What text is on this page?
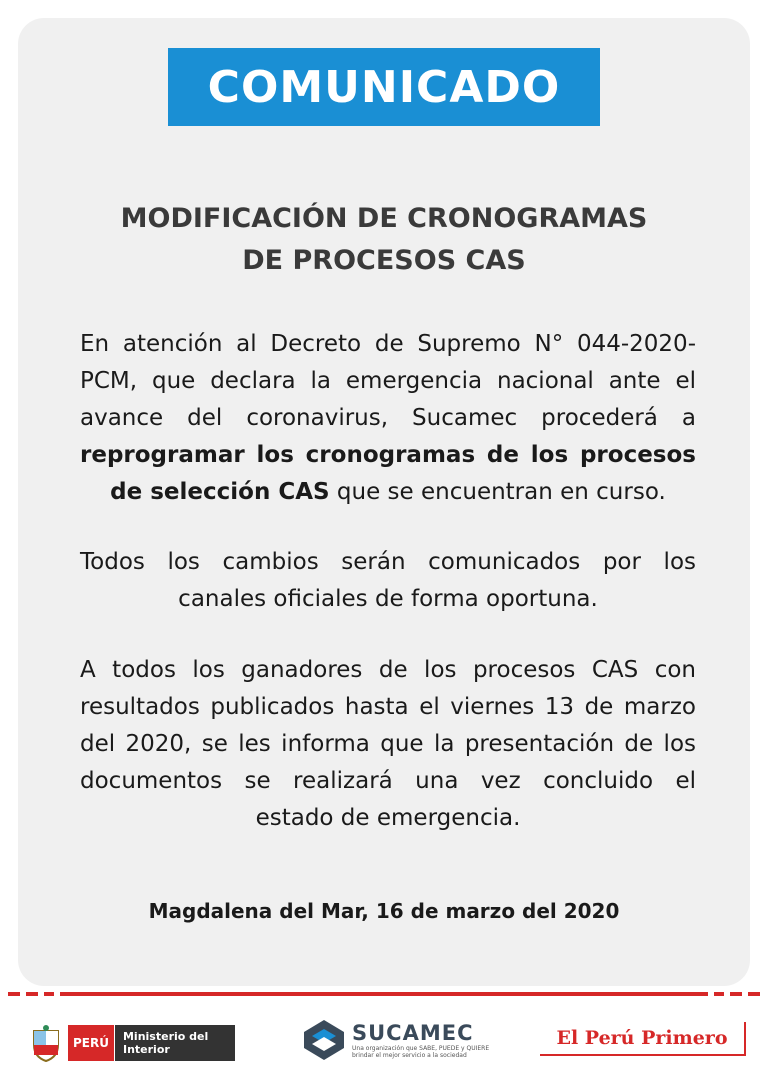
COMUNICADO
MODIFICACIÓN DE CRONOGRAMAS
DE PROCESOS CAS
En atención al Decreto de Supremo N° 044-2020-
PCM, que declara la emergencia nacional ante el
avance del coronavirus, Sucamec procederá a
reprogramar los cronogramas de los procesos
de selección CAS que se encuentran en curso.
Todos los cambios serán comunicados por los
canales oficiales de forma oportuna.
A todos los ganadores de los procesos CAS con
resultados publicados hasta el viernes 13 de marzo
del 2020, se les informa que la presentación de los
documentos se realizará una vez concluido el
estado de emergencia.
Magdalena del Mar, 16 de marzo del 2020
PERÚ	Ministerio del Interior
SUCAMEC
Una organización que SABE, PUEDE y QUIERE
brindar el mejor servicio a la sociedad
El Perú Primero
